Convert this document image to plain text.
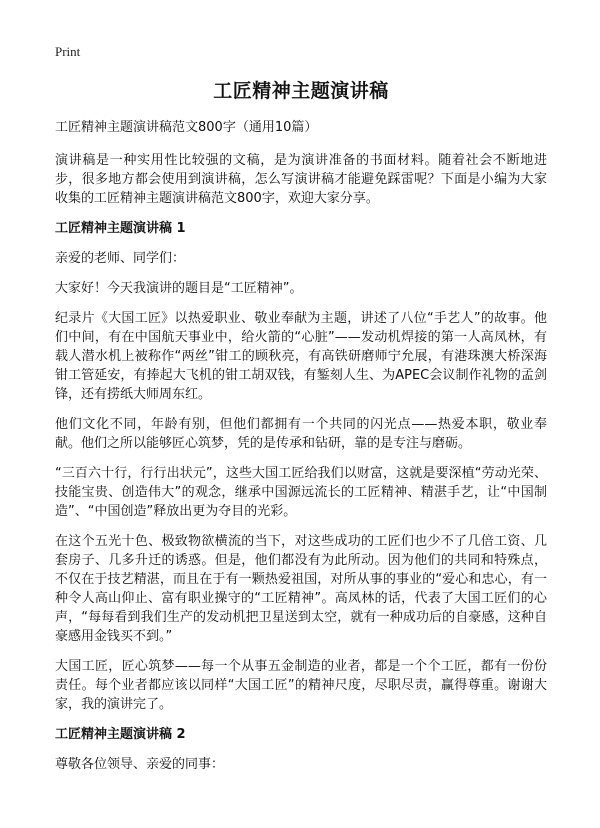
Print
工匠精神主题演讲稿
工匠精神主题演讲稿范文800字（通用10篇）

演讲稿是一种实用性比较强的文稿，是为演讲准备的书面材料。随着社会不断地进步，很多地方都会使用到演讲稿，怎么写演讲稿才能避免踩雷呢？下面是小编为大家收集的工匠精神主题演讲稿范文800字，欢迎大家分享。

工匠精神主题演讲稿 1

亲爱的老师、同学们：

大家好！今天我演讲的题目是“工匠精神”。

纪录片《大国工匠》以热爱职业、敬业奉献为主题，讲述了八位“手艺人”的故事。他们中间，有在中国航天事业中，给火箭的“心脏”——发动机焊接的第一人高凤林，有载人潜水机上被称作“两丝”钳工的顾秋亮，有高铁研磨师宁允展，有港珠澳大桥深海钳工管延安，有捧起大飞机的钳工胡双钱，有錾刻人生、为APEC会议制作礼物的孟剑锋，还有捞纸大师周东红。

他们文化不同，年龄有别，但他们都拥有一个共同的闪光点——热爱本职，敬业奉献。他们之所以能够匠心筑梦，凭的是传承和钻研，靠的是专注与磨砺。

“三百六十行，行行出状元”，这些大国工匠给我们以财富，这就是要深植“劳动光荣、技能宝贵、创造伟大”的观念，继承中国源远流长的工匠精神、精湛手艺，让“中国制造”、“中国创造”释放出更为夺目的光彩。

在这个五光十色、极致物欲横流的当下，对这些成功的工匠们也少不了几倍工资、几套房子、几多升迁的诱惑。但是，他们都没有为此所动。因为他们的共同和特殊点，不仅在于技艺精湛，而且在于有一颗热爱祖国，对所从事的事业的“爱心和忠心，有一种令人高山仰止、富有职业操守的“工匠精神”。高凤林的话，代表了大国工匠们的心声，“每每看到我们生产的发动机把卫星送到太空，就有一种成功后的自豪感，这种自豪感用金钱买不到。”

大国工匠，匠心筑梦——每一个从事五金制造的业者，都是一个个工匠，都有一份份责任。每个业者都应该以同样“大国工匠”的精神尺度，尽职尽责，赢得尊重。谢谢大家，我的演讲完了。

工匠精神主题演讲稿 2

尊敬各位领导、亲爱的同事：
